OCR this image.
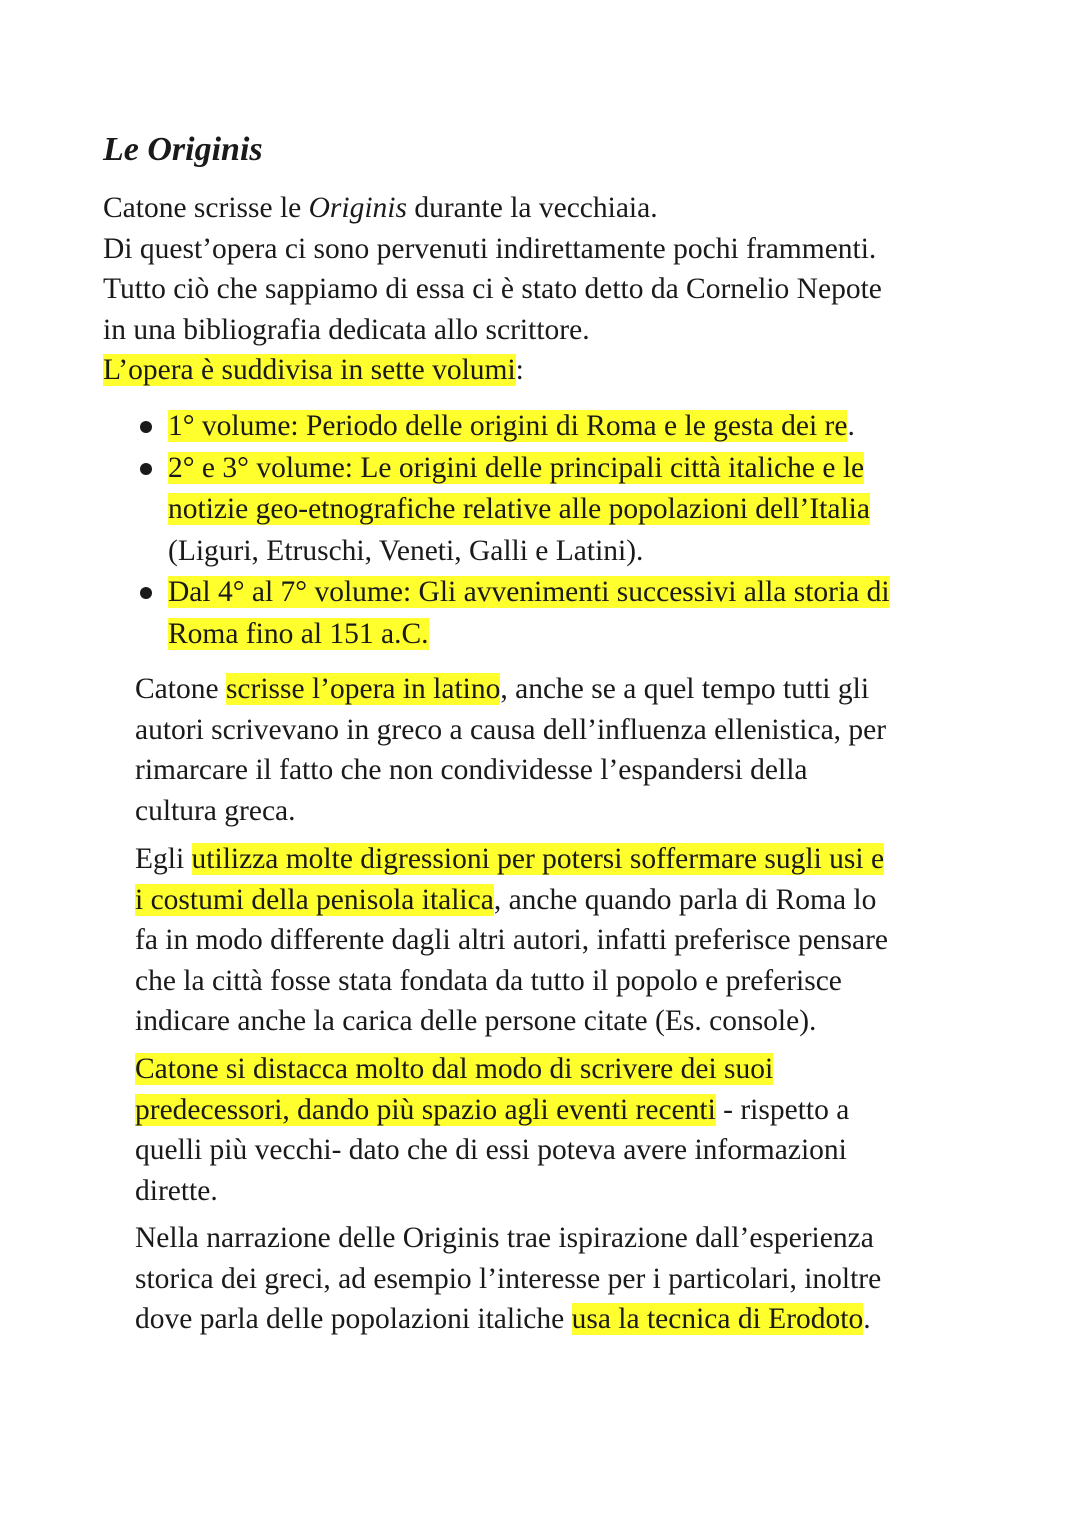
Le Originis

Catone scrisse le Originis durante la vecchiaia.
Di quest’opera ci sono pervenuti indirettamente pochi frammenti.
Tutto ciò che sappiamo di essa ci è stato detto da Cornelio Nepote
in una bibliografia dedicata allo scrittore.
L’opera è suddivisa in sette volumi:

1° volume: Periodo delle origini di Roma e le gesta dei re.
2° e 3° volume: Le origini delle principali città italiche e le
notizie geo-etnografiche relative alle popolazioni dell’Italia
(Liguri, Etruschi, Veneti, Galli e Latini).
Dal 4° al 7° volume: Gli avvenimenti successivi alla storia di
Roma fino al 151 a.C.

Catone scrisse l’opera in latino, anche se a quel tempo tutti gli
autori scrivevano in greco a causa dell’influenza ellenistica, per
rimarcare il fatto che non condividesse l’espandersi della
cultura greca.

Egli utilizza molte digressioni per potersi soffermare sugli usi e
i costumi della penisola italica, anche quando parla di Roma lo
fa in modo differente dagli altri autori, infatti preferisce pensare
che la città fosse stata fondata da tutto il popolo e preferisce
indicare anche la carica delle persone citate (Es. console).

Catone si distacca molto dal modo di scrivere dei suoi
predecessori, dando più spazio agli eventi recenti - rispetto a
quelli più vecchi- dato che di essi poteva avere informazioni
dirette.

Nella narrazione delle Originis trae ispirazione dall’esperienza
storica dei greci, ad esempio l’interesse per i particolari, inoltre
dove parla delle popolazioni italiche usa la tecnica di Erodoto.
